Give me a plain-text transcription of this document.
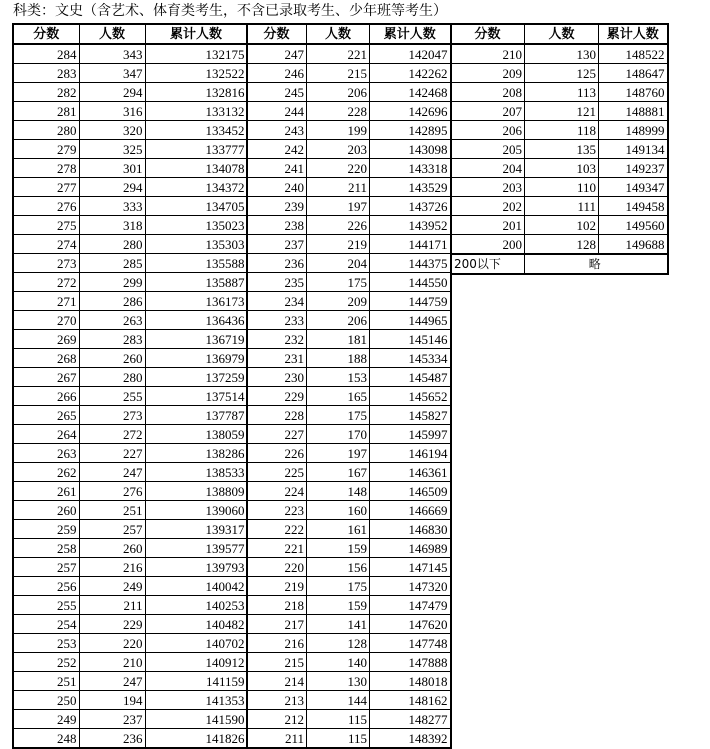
科类：文史（含艺术、体育类考生，不含已录取考生、少年班等考生）
分数	人数	累计人数
284	343	132175
283	347	132522
282	294	132816
281	316	133132
280	320	133452
279	325	133777
278	301	134078
277	294	134372
276	333	134705
275	318	135023
274	280	135303
273	285	135588
272	299	135887
271	286	136173
270	263	136436
269	283	136719
268	260	136979
267	280	137259
266	255	137514
265	273	137787
264	272	138059
263	227	138286
262	247	138533
261	276	138809
260	251	139060
259	257	139317
258	260	139577
257	216	139793
256	249	140042
255	211	140253
254	229	140482
253	220	140702
252	210	140912
251	247	141159
250	194	141353
249	237	141590
248	236	141826
分数	人数	累计人数
247	221	142047
246	215	142262
245	206	142468
244	228	142696
243	199	142895
242	203	143098
241	220	143318
240	211	143529
239	197	143726
238	226	143952
237	219	144171
236	204	144375
235	175	144550
234	209	144759
233	206	144965
232	181	145146
231	188	145334
230	153	145487
229	165	145652
228	175	145827
227	170	145997
226	197	146194
225	167	146361
224	148	146509
223	160	146669
222	161	146830
221	159	146989
220	156	147145
219	175	147320
218	159	147479
217	141	147620
216	128	147748
215	140	147888
214	130	148018
213	144	148162
212	115	148277
211	115	148392
分数	人数	累计人数
210	130	148522
209	125	148647
208	113	148760
207	121	148881
206	118	148999
205	135	149134
204	103	149237
203	110	149347
202	111	149458
201	102	149560
200	128	149688
200以下	略	
